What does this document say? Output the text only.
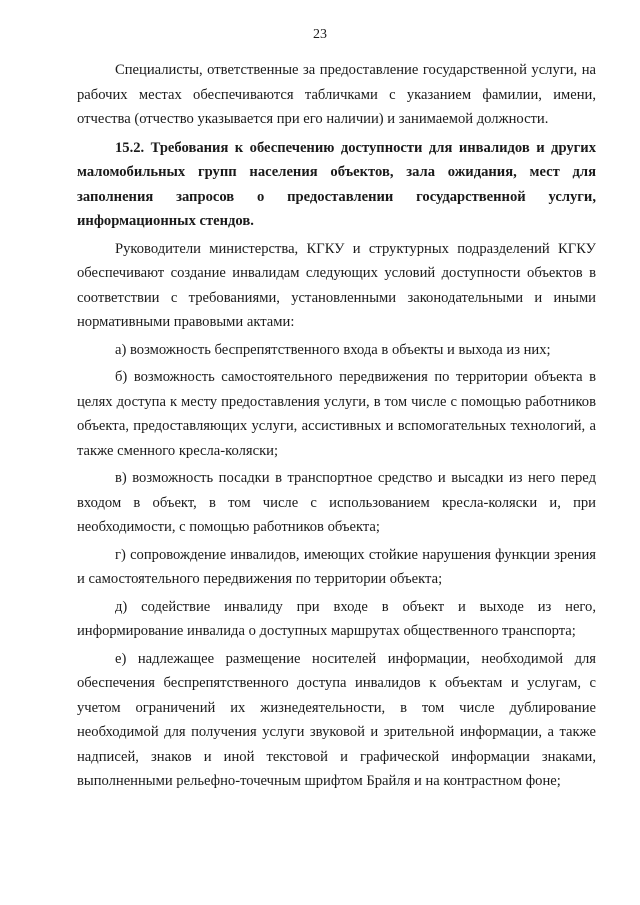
23

Специалисты, ответственные за предоставление государственной услуги, на рабочих местах обеспечиваются табличками с указанием фамилии, имени, отчества (отчество указывается при его наличии) и занимаемой должности.

15.2. Требования к обеспечению доступности для инвалидов и других маломобильных групп населения объектов, зала ожидания, мест для заполнения запросов о предоставлении государственной услуги, информационных стендов.

Руководители министерства, КГКУ и структурных подразделений КГКУ обеспечивают создание инвалидам следующих условий доступности объектов в соответствии с требованиями, установленными законодательными и иными нормативными правовыми актами:

а) возможность беспрепятственного входа в объекты и выхода из них;

б) возможность самостоятельного передвижения по территории объекта в целях доступа к месту предоставления услуги, в том числе с помощью работников объекта, предоставляющих услуги, ассистивных и вспомогательных технологий, а также сменного кресла-коляски;

в) возможность посадки в транспортное средство и высадки из него перед входом в объект, в том числе с использованием кресла-коляски и, при необходимости, с помощью работников объекта;

г) сопровождение инвалидов, имеющих стойкие нарушения функции зрения и самостоятельного передвижения по территории объекта;

д) содействие инвалиду при входе в объект и выходе из него, информирование инвалида о доступных маршрутах общественного транспорта;

е) надлежащее размещение носителей информации, необходимой для обеспечения беспрепятственного доступа инвалидов к объектам и услугам, с учетом ограничений их жизнедеятельности, в том числе дублирование необходимой для получения услуги звуковой и зрительной информации, а также надписей, знаков и иной текстовой и графической информации знаками, выполненными рельефно-точечным шрифтом Брайля и на контрастном фоне;
